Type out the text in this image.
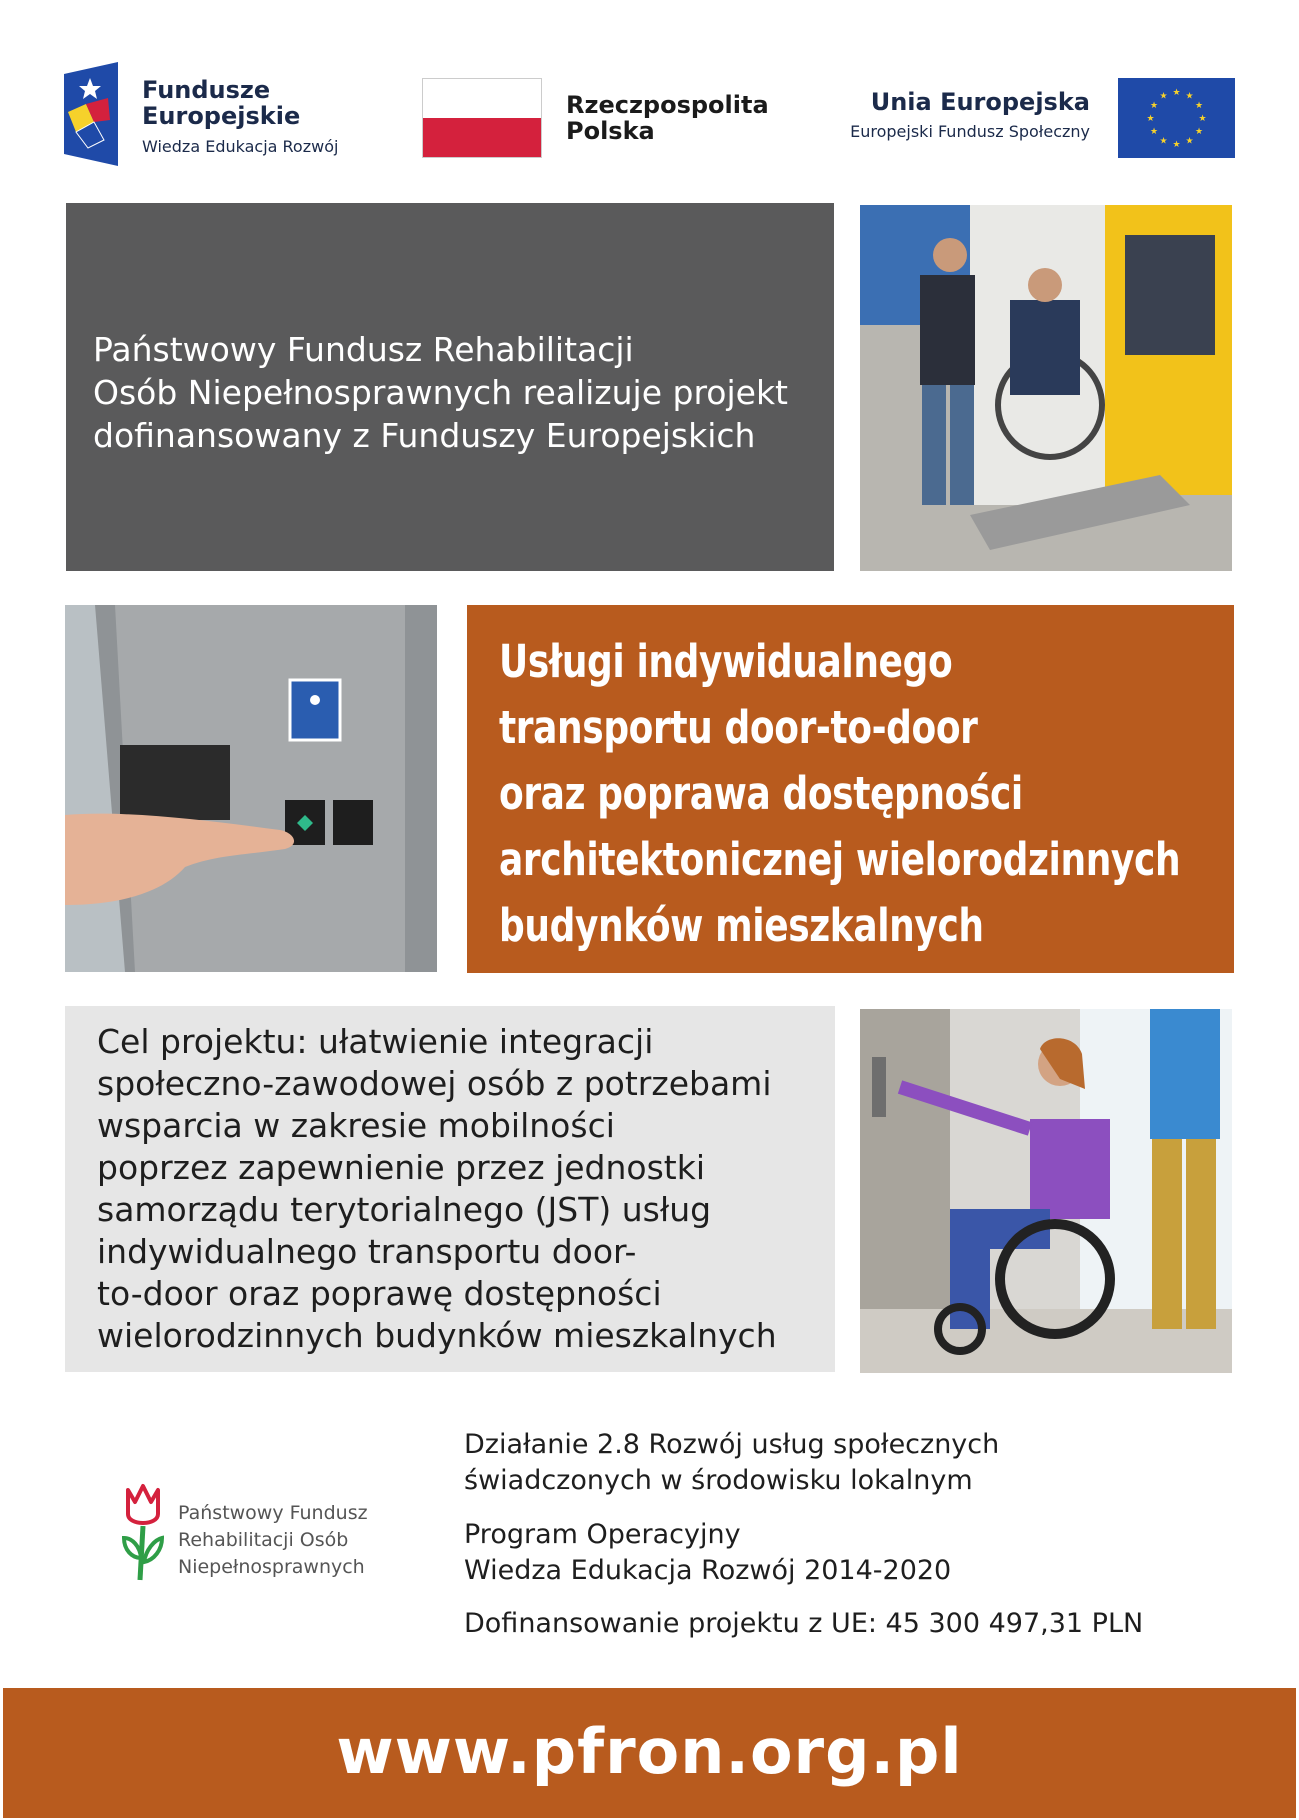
Fundusze
Europejskie
Wiedza Edukacja Rozwój
Rzeczpospolita
Polska
Unia Europejska
Europejski Fundusz Społeczny
★ ★
★
★
★
★
★
★
★
★
★
★
Państwowy Fundusz Rehabilitacji
Osób Niepełnosprawnych realizuje projekt
dofinansowany z Funduszy Europejskich
Usługi indywidualnego
transportu door-to-door
oraz poprawa dostępności
architektonicznej wielorodzinnych
budynków mieszkalnych
Cel projektu: ułatwienie integracji
społeczno-zawodowej osób z potrzebami
wsparcia w zakresie mobilności
poprzez zapewnienie przez jednostki
samorządu terytorialnego (JST) usług
indywidualnego transportu door-
to-door oraz poprawę dostępności
wielorodzinnych budynków mieszkalnych
Państwowy Fundusz
Rehabilitacji Osób
Niepełnosprawnych
Działanie 2.8 Rozwój usług społecznych
świadczonych w środowisku lokalnym
Program Operacyjny
Wiedza Edukacja Rozwój 2014-2020
Dofinansowanie projektu z UE: 45 300 497,31 PLN
www.pfron.org.pl
